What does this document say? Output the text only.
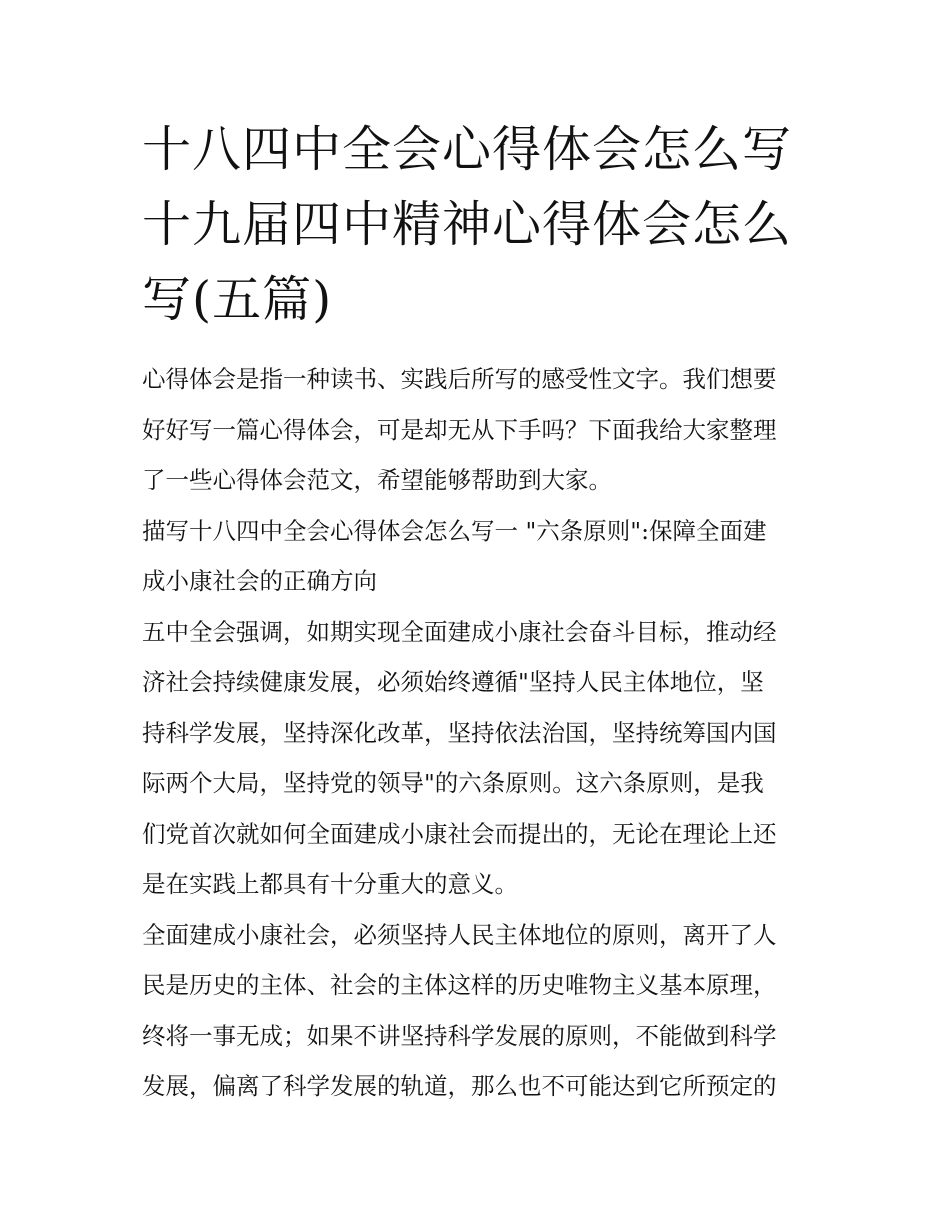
十八四中全会心得体会怎么写
十九届四中精神心得体会怎么
写(五篇)

心得体会是指一种读书、实践后所写的感受性文字。我们想要
好好写一篇心得体会，可是却无从下手吗？下面我给大家整理
了一些心得体会范文，希望能够帮助到大家。

描写十八四中全会心得体会怎么写一 "六条原则":保障全面建
成小康社会的正确方向

五中全会强调，如期实现全面建成小康社会奋斗目标，推动经
济社会持续健康发展，必须始终遵循"坚持人民主体地位，坚
持科学发展，坚持深化改革，坚持依法治国，坚持统筹国内国
际两个大局，坚持党的领导"的六条原则。这六条原则，是我
们党首次就如何全面建成小康社会而提出的，无论在理论上还
是在实践上都具有十分重大的意义。

全面建成小康社会，必须坚持人民主体地位的原则，离开了人
民是历史的主体、社会的主体这样的历史唯物主义基本原理，
终将一事无成；如果不讲坚持科学发展的原则，不能做到科学
发展，偏离了科学发展的轨道，那么也不可能达到它所预定的
